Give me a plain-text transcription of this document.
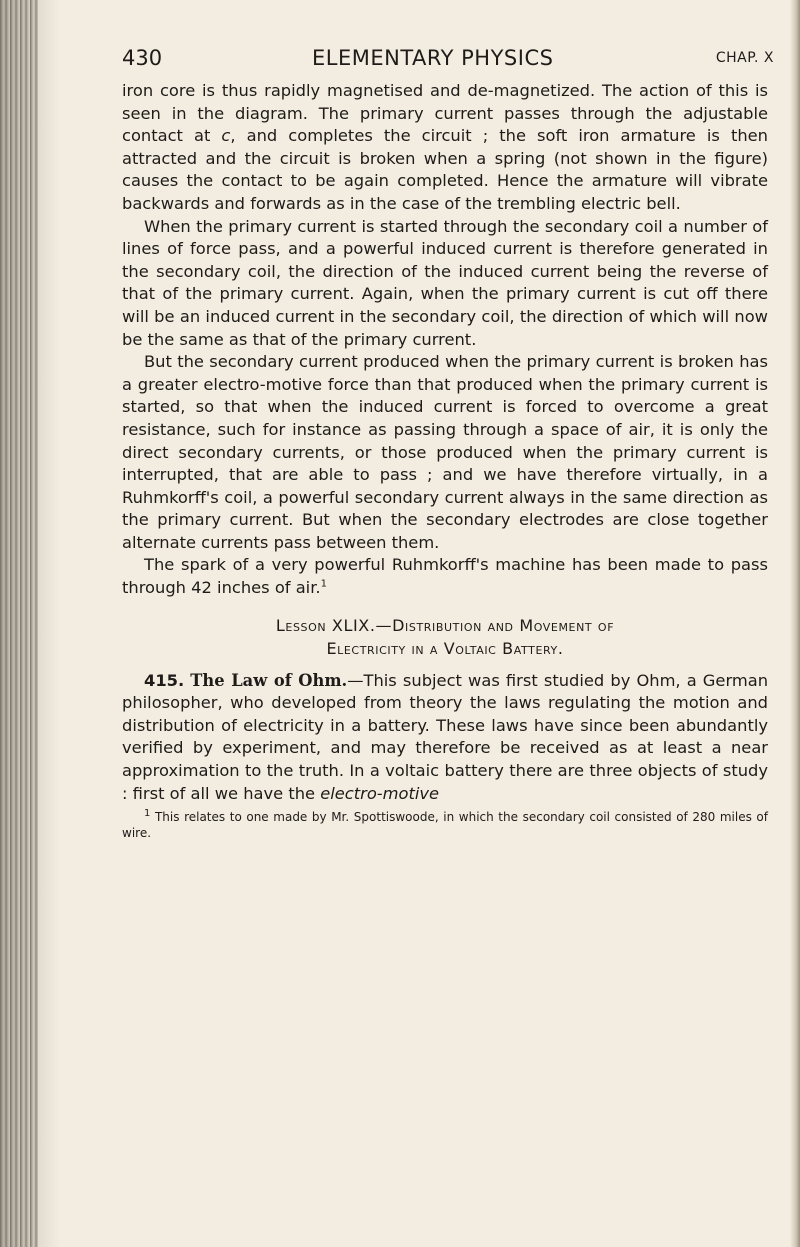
430	ELEMENTARY PHYSICS	CHAP. X

iron core is thus rapidly magnetised and de-magnetized. The action of this is seen in the diagram. The primary current passes through the adjustable contact at c, and completes the circuit ; the soft iron armature is then attracted and the circuit is broken when a spring (not shown in the figure) causes the contact to be again completed. Hence the armature will vibrate backwards and forwards as in the case of the trembling electric bell.

When the primary current is started through the secondary coil a number of lines of force pass, and a powerful induced current is therefore generated in the secondary coil, the direction of the induced current being the reverse of that of the primary current. Again, when the primary current is cut off there will be an induced current in the secondary coil, the direction of which will now be the same as that of the primary current.

But the secondary current produced when the primary current is broken has a greater electro-motive force than that produced when the primary current is started, so that when the induced current is forced to overcome a great resistance, such for instance as passing through a space of air, it is only the direct secondary currents, or those produced when the primary current is interrupted, that are able to pass ; and we have therefore virtually, in a Ruhmkorff's coil, a powerful secondary current always in the same direction as the primary current. But when the secondary electrodes are close together alternate currents pass between them.

The spark of a very powerful Ruhmkorff's machine has been made to pass through 42 inches of air.$^1$

Lesson XLIX.—Distribution and Movement of
Electricity in a Voltaic Battery.

415. The Law of Ohm.—This subject was first studied by Ohm, a German philosopher, who developed from theory the laws regulating the motion and distribution of electricity in a battery. These laws have since been abundantly verified by experiment, and may therefore be received as at least a near approximation to the truth. In a voltaic battery there are three objects of study : first of all we have the electro-motive

$^1$ This relates to one made by Mr. Spottiswoode, in which the secondary coil consisted of 280 miles of wire.
